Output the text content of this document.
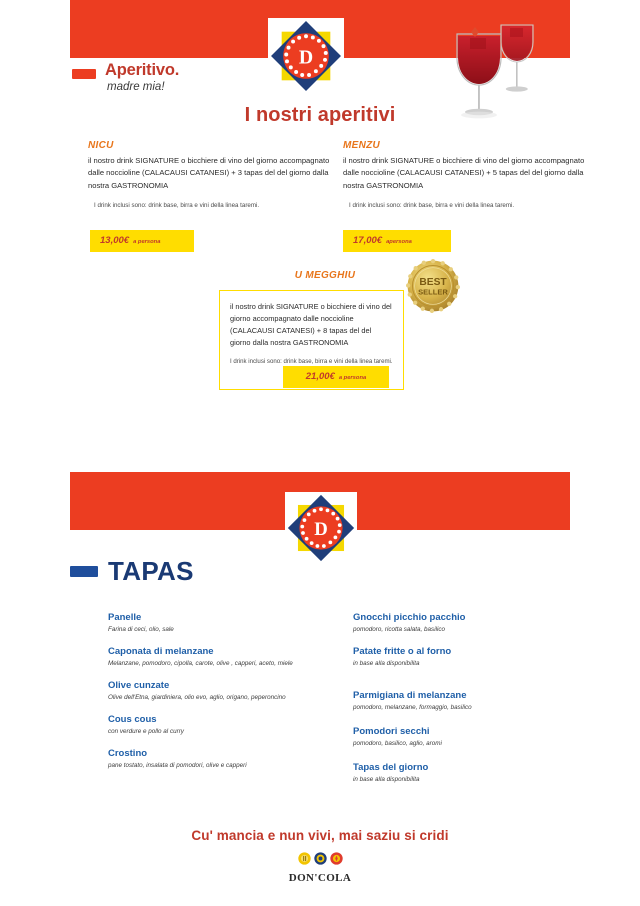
D
Aperitivo.
madre mia!
I nostri aperitivi
NICU
il nostro drink SIGNATURE o bicchiere di vino del giorno accompagnato dalle noccioline (CALACAUSI CATANESI) + 3 tapas del del giorno dalla nostra GASTRONOMIA
I drink inclusi sono: drink base, birra e vini della linea taremi.
13,00€ a persona
MENZU
il nostro drink SIGNATURE o bicchiere di vino del giorno accompagnato dalle noccioline (CALACAUSI CATANESI) + 5 tapas del del giorno dalla nostra GASTRONOMIA
I drink inclusi sono: drink base, birra e vini della linea taremi.
17,00€ apersona
U MEGGHIU
il nostro drink SIGNATURE o bicchiere di vino del giorno accompagnato dalle noccioline (CALACAUSI CATANESI) + 8 tapas del del giorno dalla nostra GASTRONOMIA
I drink inclusi sono: drink base, birra e vini della linea taremi.
21,00€ a persona
BEST
SELLER
D
TAPAS
Panelle
Farina di ceci, olio, sale
Caponata di melanzane
Melanzane, pomodoro, cipolla, carote, olive , capperi, aceto, miele
Olive cunzate
Olive dell'Etna, giardiniera, olio evo, aglio, origano, peperoncino
Cous cous
con verdure e pollo al curry
Crostino
pane tostato, insalata di pomodori, olive e capperi
Gnocchi picchio pacchio
pomodoro, ricotta salata, basilico
Patate fritte o al forno
in base alla disponibilita
Parmigiana di melanzane
pomodoro, melanzane, formaggio, basilico
Pomodori secchi
pomodoro, basilico, aglio, aromi
Tapas del giorno
in base alla disponibilita
Cu' mancia e nun vivi, mai saziu si cridi
DON'COLA
